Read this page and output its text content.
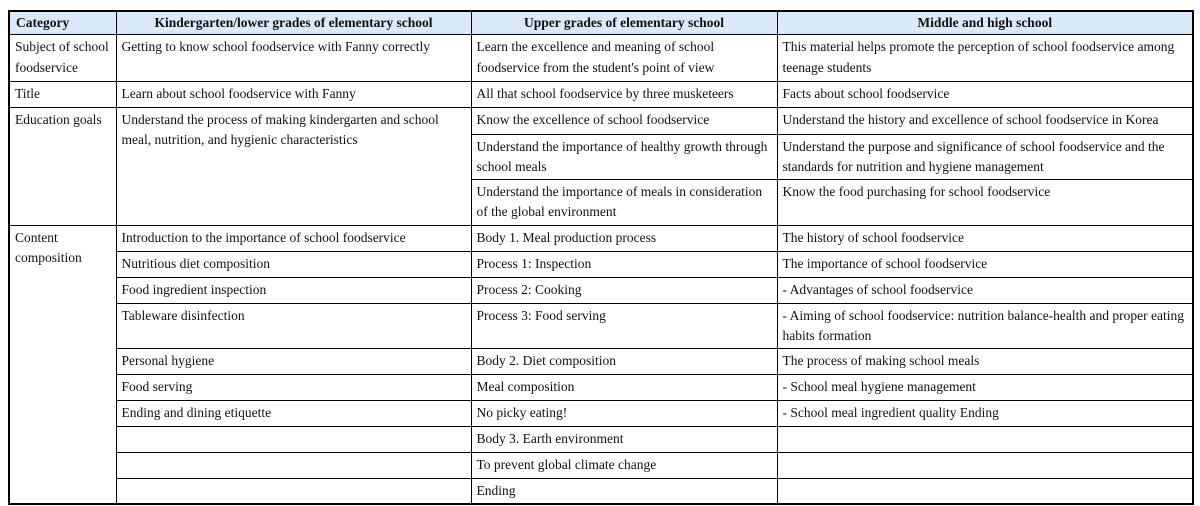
Category	Kindergarten/lower grades of elementary school	Upper grades of elementary school	Middle and high school
Subject of school foodservice	Getting to know school foodservice with Fanny correctly	Learn the excellence and meaning of school foodservice from the student's point of view	This material helps promote the perception of school foodservice among teenage students
Title	Learn about school foodservice with Fanny	All that school foodservice by three musketeers	Facts about school foodservice
Education goals	Understand the process of making kindergarten and school meal, nutrition, and hygienic characteristics	Know the excellence of school foodservice	Understand the history and excellence of school foodservice in Korea
		Understand the importance of healthy growth through school meals	Understand the purpose and significance of school foodservice and the standards for nutrition and hygiene management
		Understand the importance of meals in consideration of the global environment	Know the food purchasing for school foodservice
Content composition	Introduction to the importance of school foodservice	Body 1. Meal production process	The history of school foodservice
	Nutritious diet composition	Process 1: Inspection	The importance of school foodservice
	Food ingredient inspection	Process 2: Cooking	- Advantages of school foodservice
	Tableware disinfection	Process 3: Food serving	- Aiming of school foodservice: nutrition balance-health and proper eating habits formation
	Personal hygiene	Body 2. Diet composition	The process of making school meals
	Food serving	Meal composition	- School meal hygiene management
	Ending and dining etiquette	No picky eating!	- School meal ingredient quality Ending
		Body 3. Earth environment	
		To prevent global climate change	
		Ending	
